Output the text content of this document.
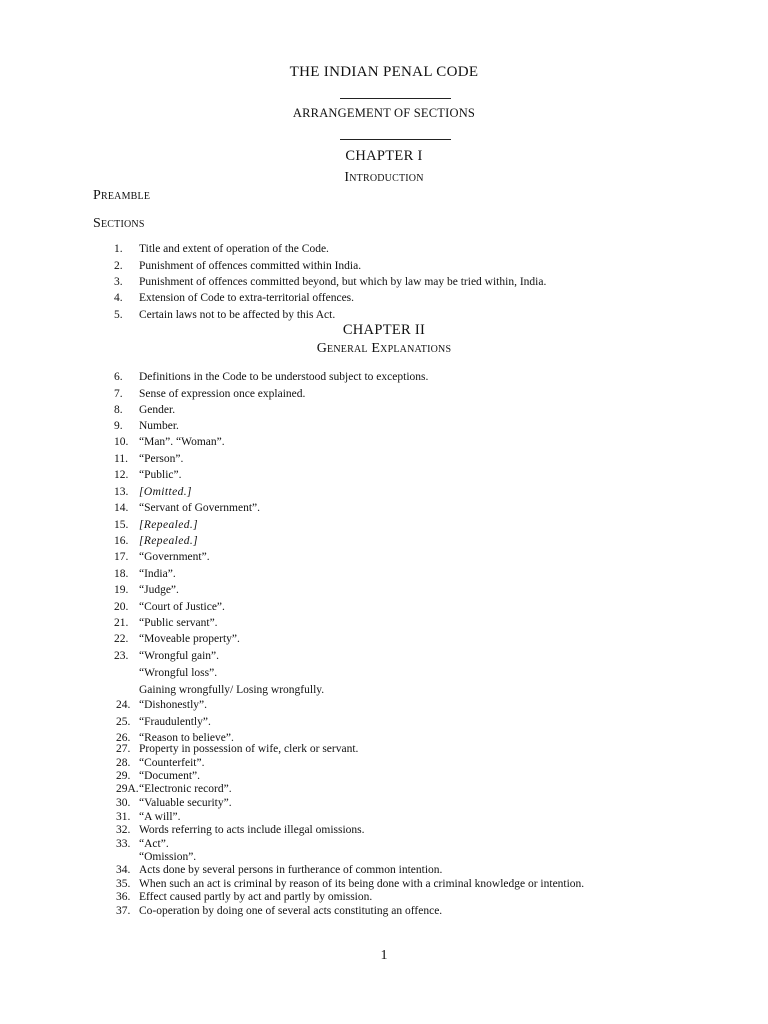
THE INDIAN PENAL CODE
ARRANGEMENT OF SECTIONS
CHAPTER I
Introduction
Preamble
Sections
1. Title and extent of operation of the Code.
2. Punishment of offences committed within India.
3. Punishment of offences committed beyond, but which by law may be tried within, India.
4. Extension of Code to extra-territorial offences.
5. Certain laws not to be affected by this Act.
CHAPTER II
General Explanations
6. Definitions in the Code to be understood subject to exceptions.
7. Sense of expression once explained.
8. Gender.
9. Number.
10. “Man”. “Woman”.
11. “Person”.
12. “Public”.
13. [Omitted.]
14. “Servant of Government”.
15. [Repealed.]
16. [Repealed.]
17. “Government”.
18. “India”.
19. “Judge”.
20. “Court of Justice”.
21. “Public servant”.
22. “Moveable property”.
23. “Wrongful gain”.
“Wrongful loss”.
Gaining wrongfully/ Losing wrongfully.
24. “Dishonestly”.
25. “Fraudulently”.
26. “Reason to believe”.
27. Property in possession of wife, clerk or servant.
28. “Counterfeit”.
29. “Document”.
29A. “Electronic record”.
30. “Valuable security”.
31. “A will”.
32. Words referring to acts include illegal omissions.
33. “Act”.
“Omission”.
34. Acts done by several persons in furtherance of common intention.
35. When such an act is criminal by reason of its being done with a criminal knowledge or intention.
36. Effect caused partly by act and partly by omission.
37. Co-operation by doing one of several acts constituting an offence.
1
